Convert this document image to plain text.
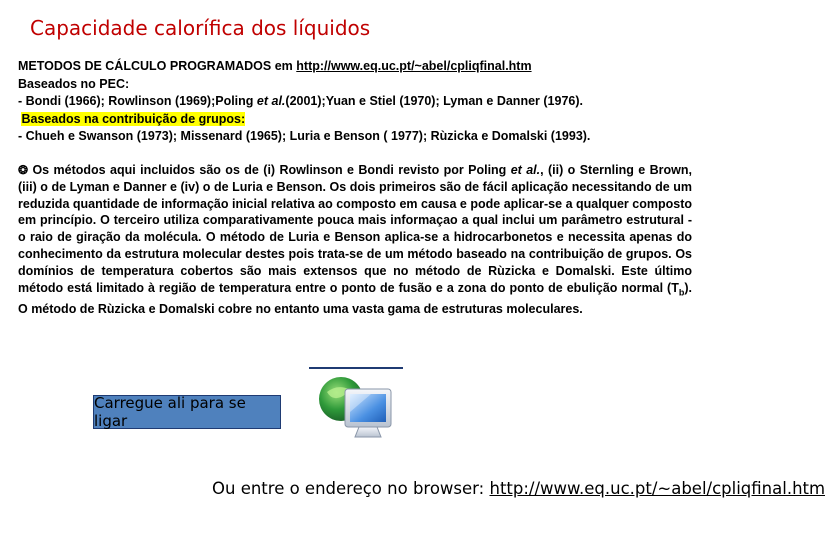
Capacidade calorífica dos líquidos
METODOS DE CÁLCULO PROGRAMADOS em http://www.eq.uc.pt/~abel/cpliqfinal.htm
Baseados no PEC:
- Bondi (1966); Rowlinson (1969);Poling et al.(2001);Yuan e Stiel (1970); Lyman e Danner (1976).
Baseados na contribuição de grupos:
- Chueh e Swanson (1973); Missenard (1965); Luria e Benson ( 1977); Rùzicka e Domalski (1993).
❂ Os métodos aqui incluidos são os de (i) Rowlinson e Bondi revisto por Poling et al., (ii) o Sternling e Brown, (iii) o de Lyman e Danner e (iv) o de Luria e Benson. Os dois primeiros são de fácil aplicação necessitando de um reduzida quantidade de informação inicial relativa ao composto em causa e pode aplicar-se a qualquer composto em princípio. O terceiro utiliza comparativamente pouca mais informaçao a qual inclui um parâmetro estrutural - o raio de giração da molécula. O método de Luria e Benson aplica-se a hidrocarbonetos e necessita apenas do conhecimento da estrutura molecular destes pois trata-se de um método baseado na contribuição de grupos. Os domínios de temperatura cobertos são mais extensos que no método de Rùzicka e Domalski. Este último método está limitado à região de temperatura entre o ponto de fusão e a zona do ponto de ebulição normal $(T_b)$. O método de Rùzicka e Domalski cobre no entanto uma vasta gama de estruturas moleculares.
Carregue ali para se ligar
Ou entre o endereço no browser: http://www.eq.uc.pt/~abel/cpliqfinal.htm
